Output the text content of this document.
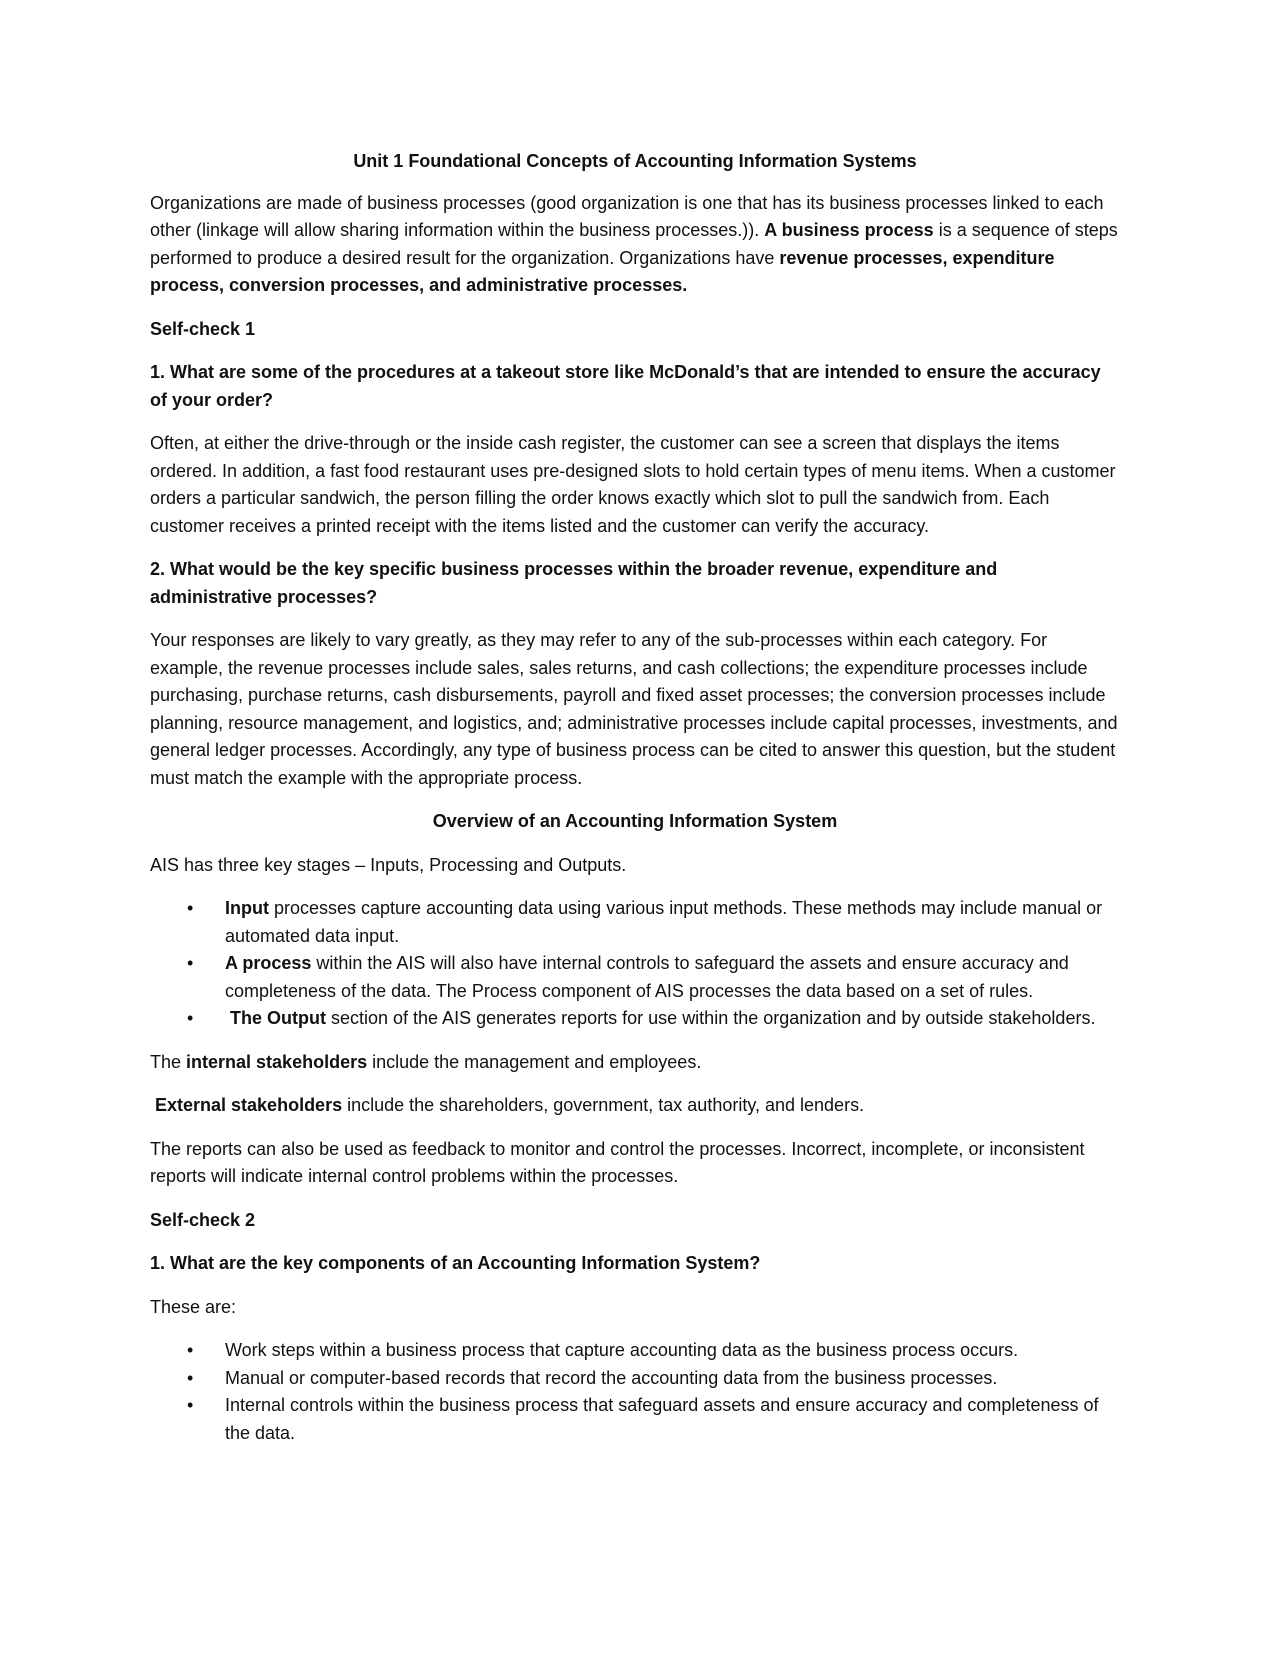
Unit 1 Foundational Concepts of Accounting Information Systems

Organizations are made of business processes (good organization is one that has its business processes linked to each other (linkage will allow sharing information within the business processes.)). A business process is a sequence of steps performed to produce a desired result for the organization. Organizations have revenue processes, expenditure process, conversion processes, and administrative processes.

Self-check 1

1. What are some of the procedures at a takeout store like McDonald’s that are intended to ensure the accuracy of your order?

Often, at either the drive-through or the inside cash register, the customer can see a screen that displays the items ordered. In addition, a fast food restaurant uses pre-designed slots to hold certain types of menu items. When a customer orders a particular sandwich, the person filling the order knows exactly which slot to pull the sandwich from. Each customer receives a printed receipt with the items listed and the customer can verify the accuracy.

2. What would be the key specific business processes within the broader revenue, expenditure and administrative processes?

Your responses are likely to vary greatly, as they may refer to any of the sub-processes within each category. For example, the revenue processes include sales, sales returns, and cash collections; the expenditure processes include purchasing, purchase returns, cash disbursements, payroll and fixed asset processes; the conversion processes include planning, resource management, and logistics, and; administrative processes include capital processes, investments, and general ledger processes. Accordingly, any type of business process can be cited to answer this question, but the student must match the example with the appropriate process.

Overview of an Accounting Information System

AIS has three key stages – Inputs, Processing and Outputs.

• Input processes capture accounting data using various input methods. These methods may include manual or automated data input.
• A process within the AIS will also have internal controls to safeguard the assets and ensure accuracy and completeness of the data. The Process component of AIS processes the data based on a set of rules.
• The Output section of the AIS generates reports for use within the organization and by outside stakeholders.

The internal stakeholders include the management and employees.

External stakeholders include the shareholders, government, tax authority, and lenders.

The reports can also be used as feedback to monitor and control the processes. Incorrect, incomplete, or inconsistent reports will indicate internal control problems within the processes.

Self-check 2

1. What are the key components of an Accounting Information System?

These are:

• Work steps within a business process that capture accounting data as the business process occurs.
• Manual or computer-based records that record the accounting data from the business processes.
• Internal controls within the business process that safeguard assets and ensure accuracy and completeness of the data.
